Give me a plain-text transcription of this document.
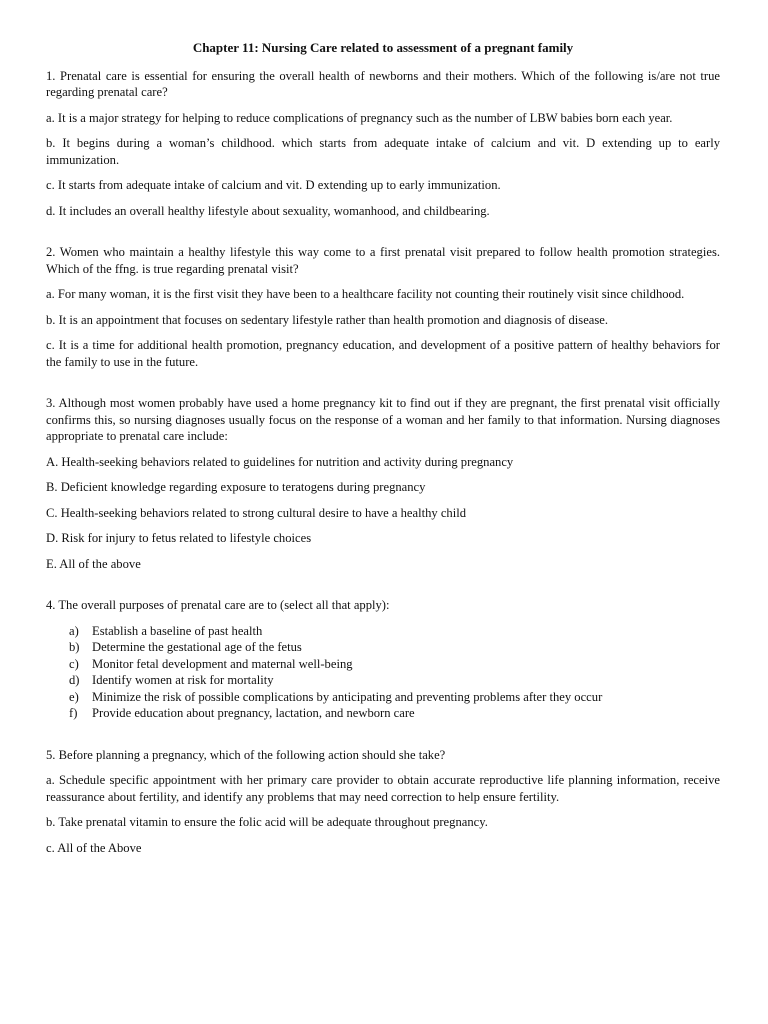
Chapter 11: Nursing Care related to assessment of a pregnant family
1. Prenatal care is essential for ensuring the overall health of newborns and their mothers. Which of the following is/are not true regarding prenatal care?
a. It is a major strategy for helping to reduce complications of pregnancy such as the number of LBW babies born each year.
b. It begins during a woman’s childhood. which starts from adequate intake of calcium and vit. D extending up to early immunization.
c. It starts from adequate intake of calcium and vit. D extending up to early immunization.
d. It includes an overall healthy lifestyle about sexuality, womanhood, and childbearing.
2. Women who maintain a healthy lifestyle this way come to a first prenatal visit prepared to follow health promotion strategies. Which of the ffng. is true regarding prenatal visit?
a. For many woman, it is the first visit they have been to a healthcare facility not counting their routinely visit since childhood.
b. It is an appointment that focuses on sedentary lifestyle rather than health promotion and diagnosis of disease.
c. It is a time for additional health promotion, pregnancy education, and development of a positive pattern of healthy behaviors for the family to use in the future.
3. Although most women probably have used a home pregnancy kit to find out if they are pregnant, the first prenatal visit officially confirms this, so nursing diagnoses usually focus on the response of a woman and her family to that information. Nursing diagnoses appropriate to prenatal care include:
A. Health-seeking behaviors related to guidelines for nutrition and activity during pregnancy
B. Deficient knowledge regarding exposure to teratogens during pregnancy
C. Health-seeking behaviors related to strong cultural desire to have a healthy child
D. Risk for injury to fetus related to lifestyle choices
E. All of the above
4. The overall purposes of prenatal care are to (select all that apply):
a)	Establish a baseline of past health
b) Determine the gestational age of the fetus
c)	Monitor fetal development and maternal well-being
d) Identify women at risk for mortality
e)	Minimize the risk of possible complications by anticipating and preventing problems after they occur
f)	Provide education about pregnancy, lactation, and newborn care
5. Before planning a pregnancy, which of the following action should she take?
a. Schedule specific appointment with her primary care provider to obtain accurate reproductive life planning information, receive reassurance about fertility, and identify any problems that may need correction to help ensure fertility.
b. Take prenatal vitamin to ensure the folic acid will be adequate throughout pregnancy.
c. All of the Above
